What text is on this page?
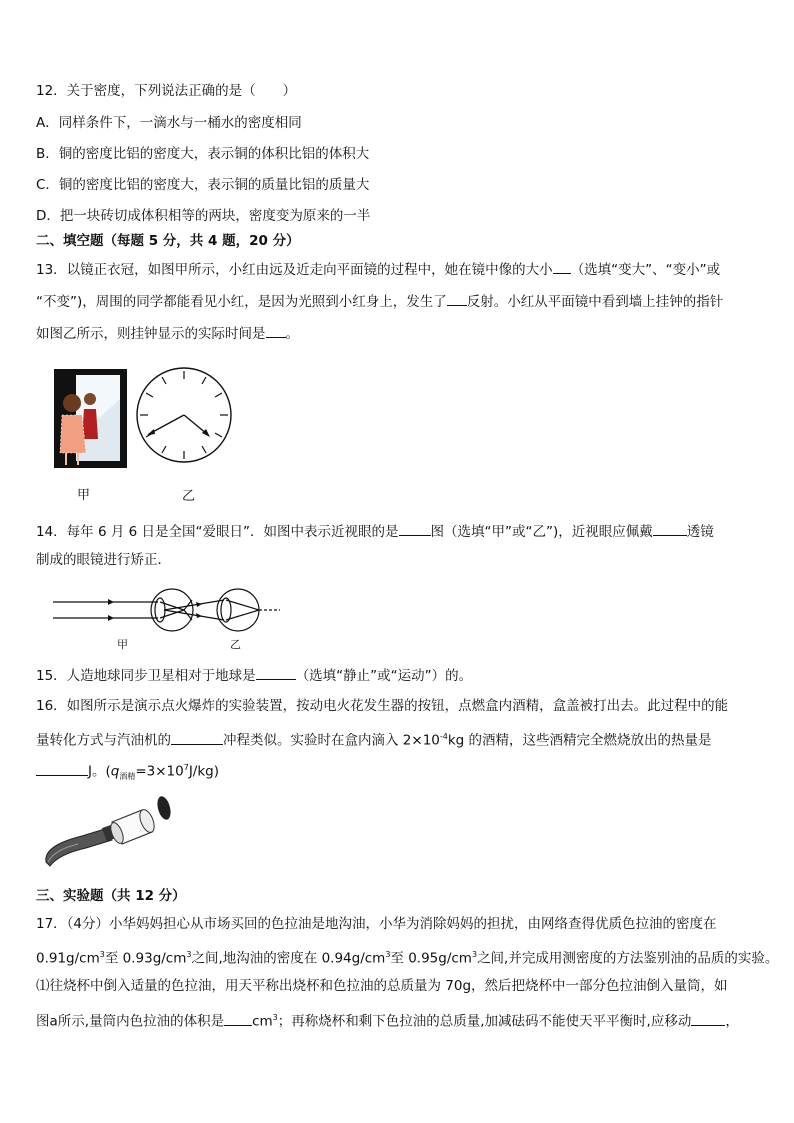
12．关于密度，下列说法正确的是（　　）
A．同样条件下，一滴水与一桶水的密度相同
B．铜的密度比铝的密度大，表示铜的体积比铝的体积大
C．铜的密度比铝的密度大，表示铜的质量比铝的质量大
D．把一块砖切成体积相等的两块，密度变为原来的一半
二、填空题（每题 5 分，共 4 题，20 分）
13．以镜正衣冠，如图甲所示，小红由远及近走向平面镜的过程中，她在镜中像的大小 （选填“变大”、“变小”或
“不变”)，周围的同学都能看见小红，是因为光照到小红身上，发生了 反射。小红从平面镜中看到墙上挂钟的指针
如图乙所示，则挂钟显示的实际时间是 。
甲	乙
14．每年 6 月 6 日是全国“爱眼日”．如图中表示近视眼的是 图（选填“甲”或“乙”)，近视眼应佩戴	透镜
制成的眼镜进行矫正．
甲	乙
15．人造地球同步卫星相对于地球是	（选填“静止”或“运动”）的。
16．如图所示是演示点火爆炸的实验装置，按动电火花发生器的按钮，点燃盒内酒精，盒盖被打出去。此过程中的能
量转化方式与汽油机的	冲程类似。实验时在盒内滴入 $2\times 10^{-4}kg$ 的酒精，这些酒精完全燃烧放出的热量是
J。$(q_{酒精}=3\times 10^7J/kg)$
三、实验题（共 12 分）
17．（4分）小华妈妈担心从市场买回的色拉油是地沟油，小华为消除妈妈的担扰，由网络查得优质色拉油的密度在
$0.91g/cm^3$至 $0.93g/cm^3$之间,地沟油的密度在 $0.94g/cm^3$至 $0.95g/cm^3$之间,并完成用测密度的方法鉴别油的品质的实验。
⑴往烧杯中倒入适量的色拉油，用天平称出烧杯和色拉油的总质量为 70g，然后把烧杯中一部分色拉油倒入量筒，如
图a所示,量筒内色拉油的体积是 $cm^3$；再称烧杯和剩下色拉油的总质量,加减砝码不能使天平平衡时,应移动	，
